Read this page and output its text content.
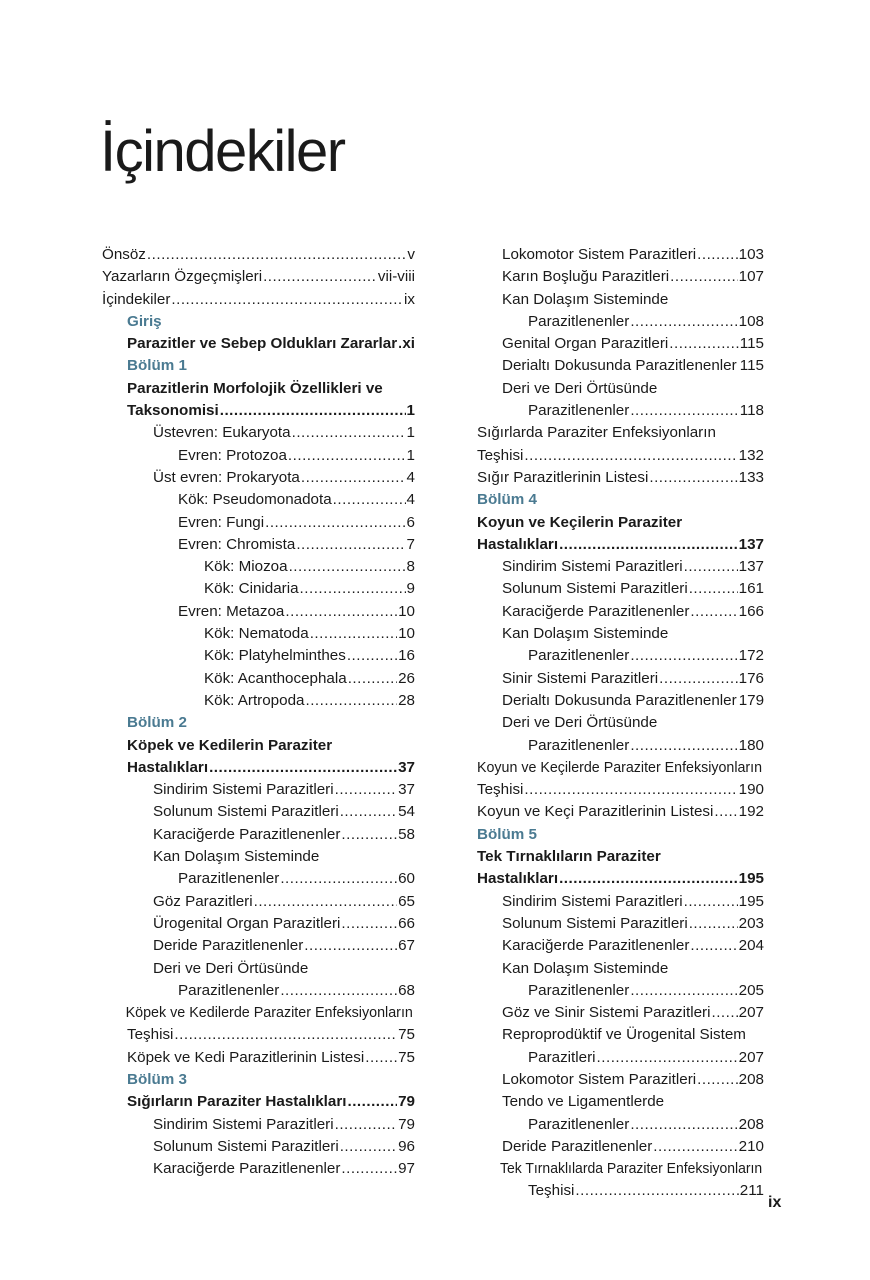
İçindekiler
Önsöz .....	v
Yazarların Özgeçmişleri .....	vii-viii
İçindekiler .....	ix
Giriş
Parazitler ve Sebep Oldukları Zararlar ..... xi
Bölüm 1
Parazitlerin Morfolojik Özellikleri ve
Taksonomisi .....	1
Üstevren: Eukaryota .....	1
Evren: Protozoa .....	1
Üst evren: Prokaryota .....	4
Kök: Pseudomonadota .....	4
Evren: Fungi .....	6
Evren: Chromista .....	7
Kök: Miozoa .....	8
Kök: Cinidaria .....	9
Evren: Metazoa .....	10
Kök: Nematoda .....	10
Kök: Platyhelminthes .....	16
Kök: Acanthocephala .....	26
Kök: Artropoda .....	28
Bölüm 2
Köpek ve Kedilerin Paraziter
Hastalıkları .....	37
Sindirim Sistemi Parazitleri .....	37
Solunum Sistemi Parazitleri .....	54
Karaciğerde Parazitlenenler .....	58
Kan Dolaşım Sisteminde
Parazitlenenler .....	60
Göz Parazitleri .....	65
Ürogenital Organ Parazitleri .....	66
Deride Parazitlenenler .....	67
Deri ve Deri Örtüsünde
Parazitlenenler .....	68
Köpek ve Kedilerde Paraziter Enfeksiyonların
Teşhisi .....	75
Köpek ve Kedi Parazitlerinin Listesi ..... 75
Bölüm 3
Sığırların Paraziter Hastalıkları .....	79
Sindirim Sistemi Parazitleri .....	79
Solunum Sistemi Parazitleri .....	96
Karaciğerde Parazitlenenler .....	97
Lokomotor Sistem Parazitleri .....	103
Karın Boşluğu Parazitleri .....	107
Kan Dolaşım Sisteminde
Parazitlenenler .....	108
Genital Organ Parazitleri .....	115
Derialtı Dokusunda Parazitlenenler ..... 115
Deri ve Deri Örtüsünde
Parazitlenenler .....	118
Sığırlarda Paraziter Enfeksiyonların
Teşhisi .....	132
Sığır Parazitlerinin Listesi .....	133
Bölüm 4
Koyun ve Keçilerin Paraziter
Hastalıkları .....	137
Sindirim Sistemi Parazitleri .....	137
Solunum Sistemi Parazitleri .....	161
Karaciğerde Parazitlenenler .....	166
Kan Dolaşım Sisteminde
Parazitlenenler .....	172
Sinir Sistemi Parazitleri .....	176
Derialtı Dokusunda Parazitlenenler 179
Deri ve Deri Örtüsünde
Parazitlenenler .....	180
Koyun ve Keçilerde Paraziter Enfeksiyonların
Teşhisi .....	190
Koyun ve Keçi Parazitlerinin Listesi ..... 192
Bölüm 5
Tek Tırnaklıların Paraziter
Hastalıkları .....	195
Sindirim Sistemi Parazitleri .....	195
Solunum Sistemi Parazitleri .....	203
Karaciğerde Parazitlenenler .....	204
Kan Dolaşım Sisteminde
Parazitlenenler .....	205
Göz ve Sinir Sistemi Parazitleri ..... 207
Reproprodüktif ve Ürogenital Sistem
Parazitleri .....	207
Lokomotor Sistem Parazitleri .....	208
Tendo ve Ligamentlerde
Parazitlenenler .....	208
Deride Parazitlenenler .....	210
Tek Tırnaklılarda Paraziter Enfeksiyonların
Teşhisi .....	211
ix
